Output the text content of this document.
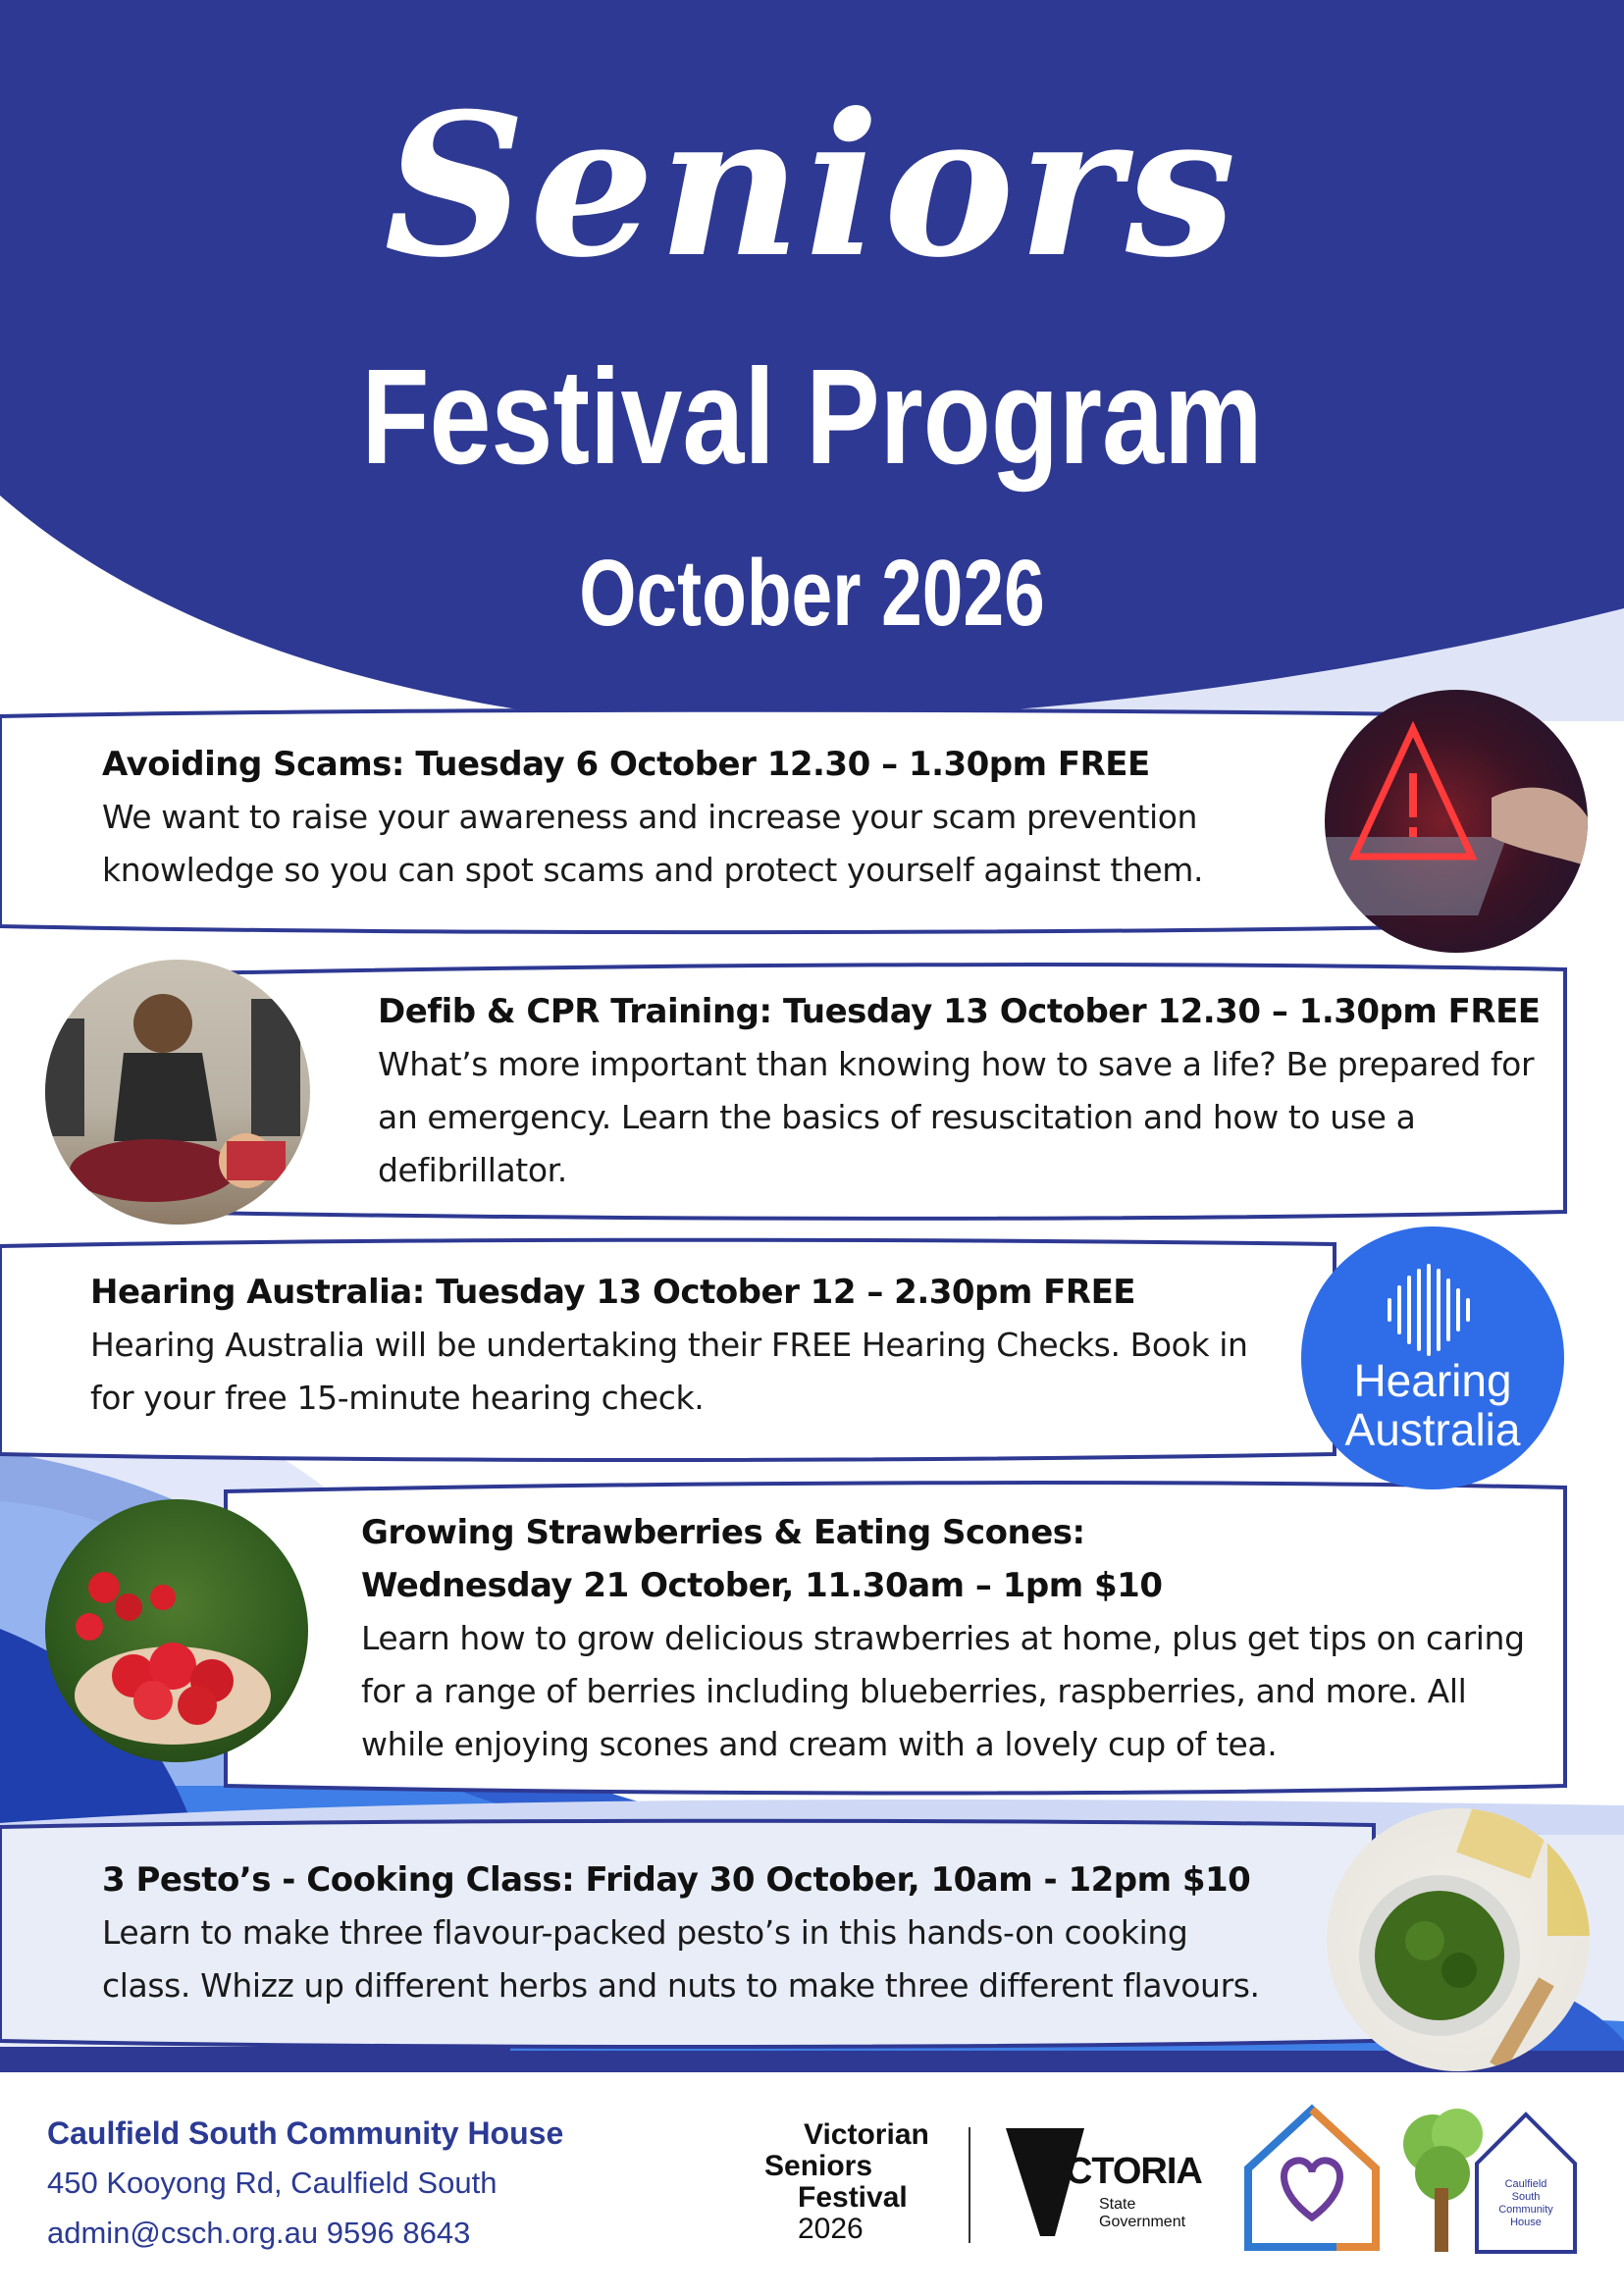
Seniors
Festival Program
October 2026
Avoiding Scams: Tuesday 6 October 12.30 – 1.30pm FREE

We want to raise your awareness and increase your scam prevention

knowledge so you can spot scams and protect yourself against them.

Defib & CPR Training: Tuesday 13 October 12.30 – 1.30pm FREE

What’s more important than knowing how to save a life? Be prepared for

an emergency. Learn the basics of resuscitation and how to use a

defibrillator.

Hearing Australia: Tuesday 13 October 12 – 2.30pm FREE

Hearing Australia will be undertaking their FREE Hearing Checks. Book in

for your free 15-minute hearing check.	Hearing
Australia
Growing Strawberries & Eating Scones:
Wednesday 21 October, 11.30am – 1pm $10

Learn how to grow delicious strawberries at home, plus get tips on caring

for a range of berries including blueberries, raspberries, and more. All

while enjoying scones and cream with a lovely cup of tea.

3 Pesto’s - Cooking Class: Friday 30 October, 10am - 12pm $10

Learn to make three flavour-packed pesto’s in this hands-on cooking

class. Whizz up different herbs and nuts to make three different flavours.

Caulfield South Community House
450 Kooyong Rd, Caulfield South
admin@csch.org.au 9596 8643
Victorian
Seniors
Festival
2026
VICTORIA
State
Government
Caulfield
South
Community
House
